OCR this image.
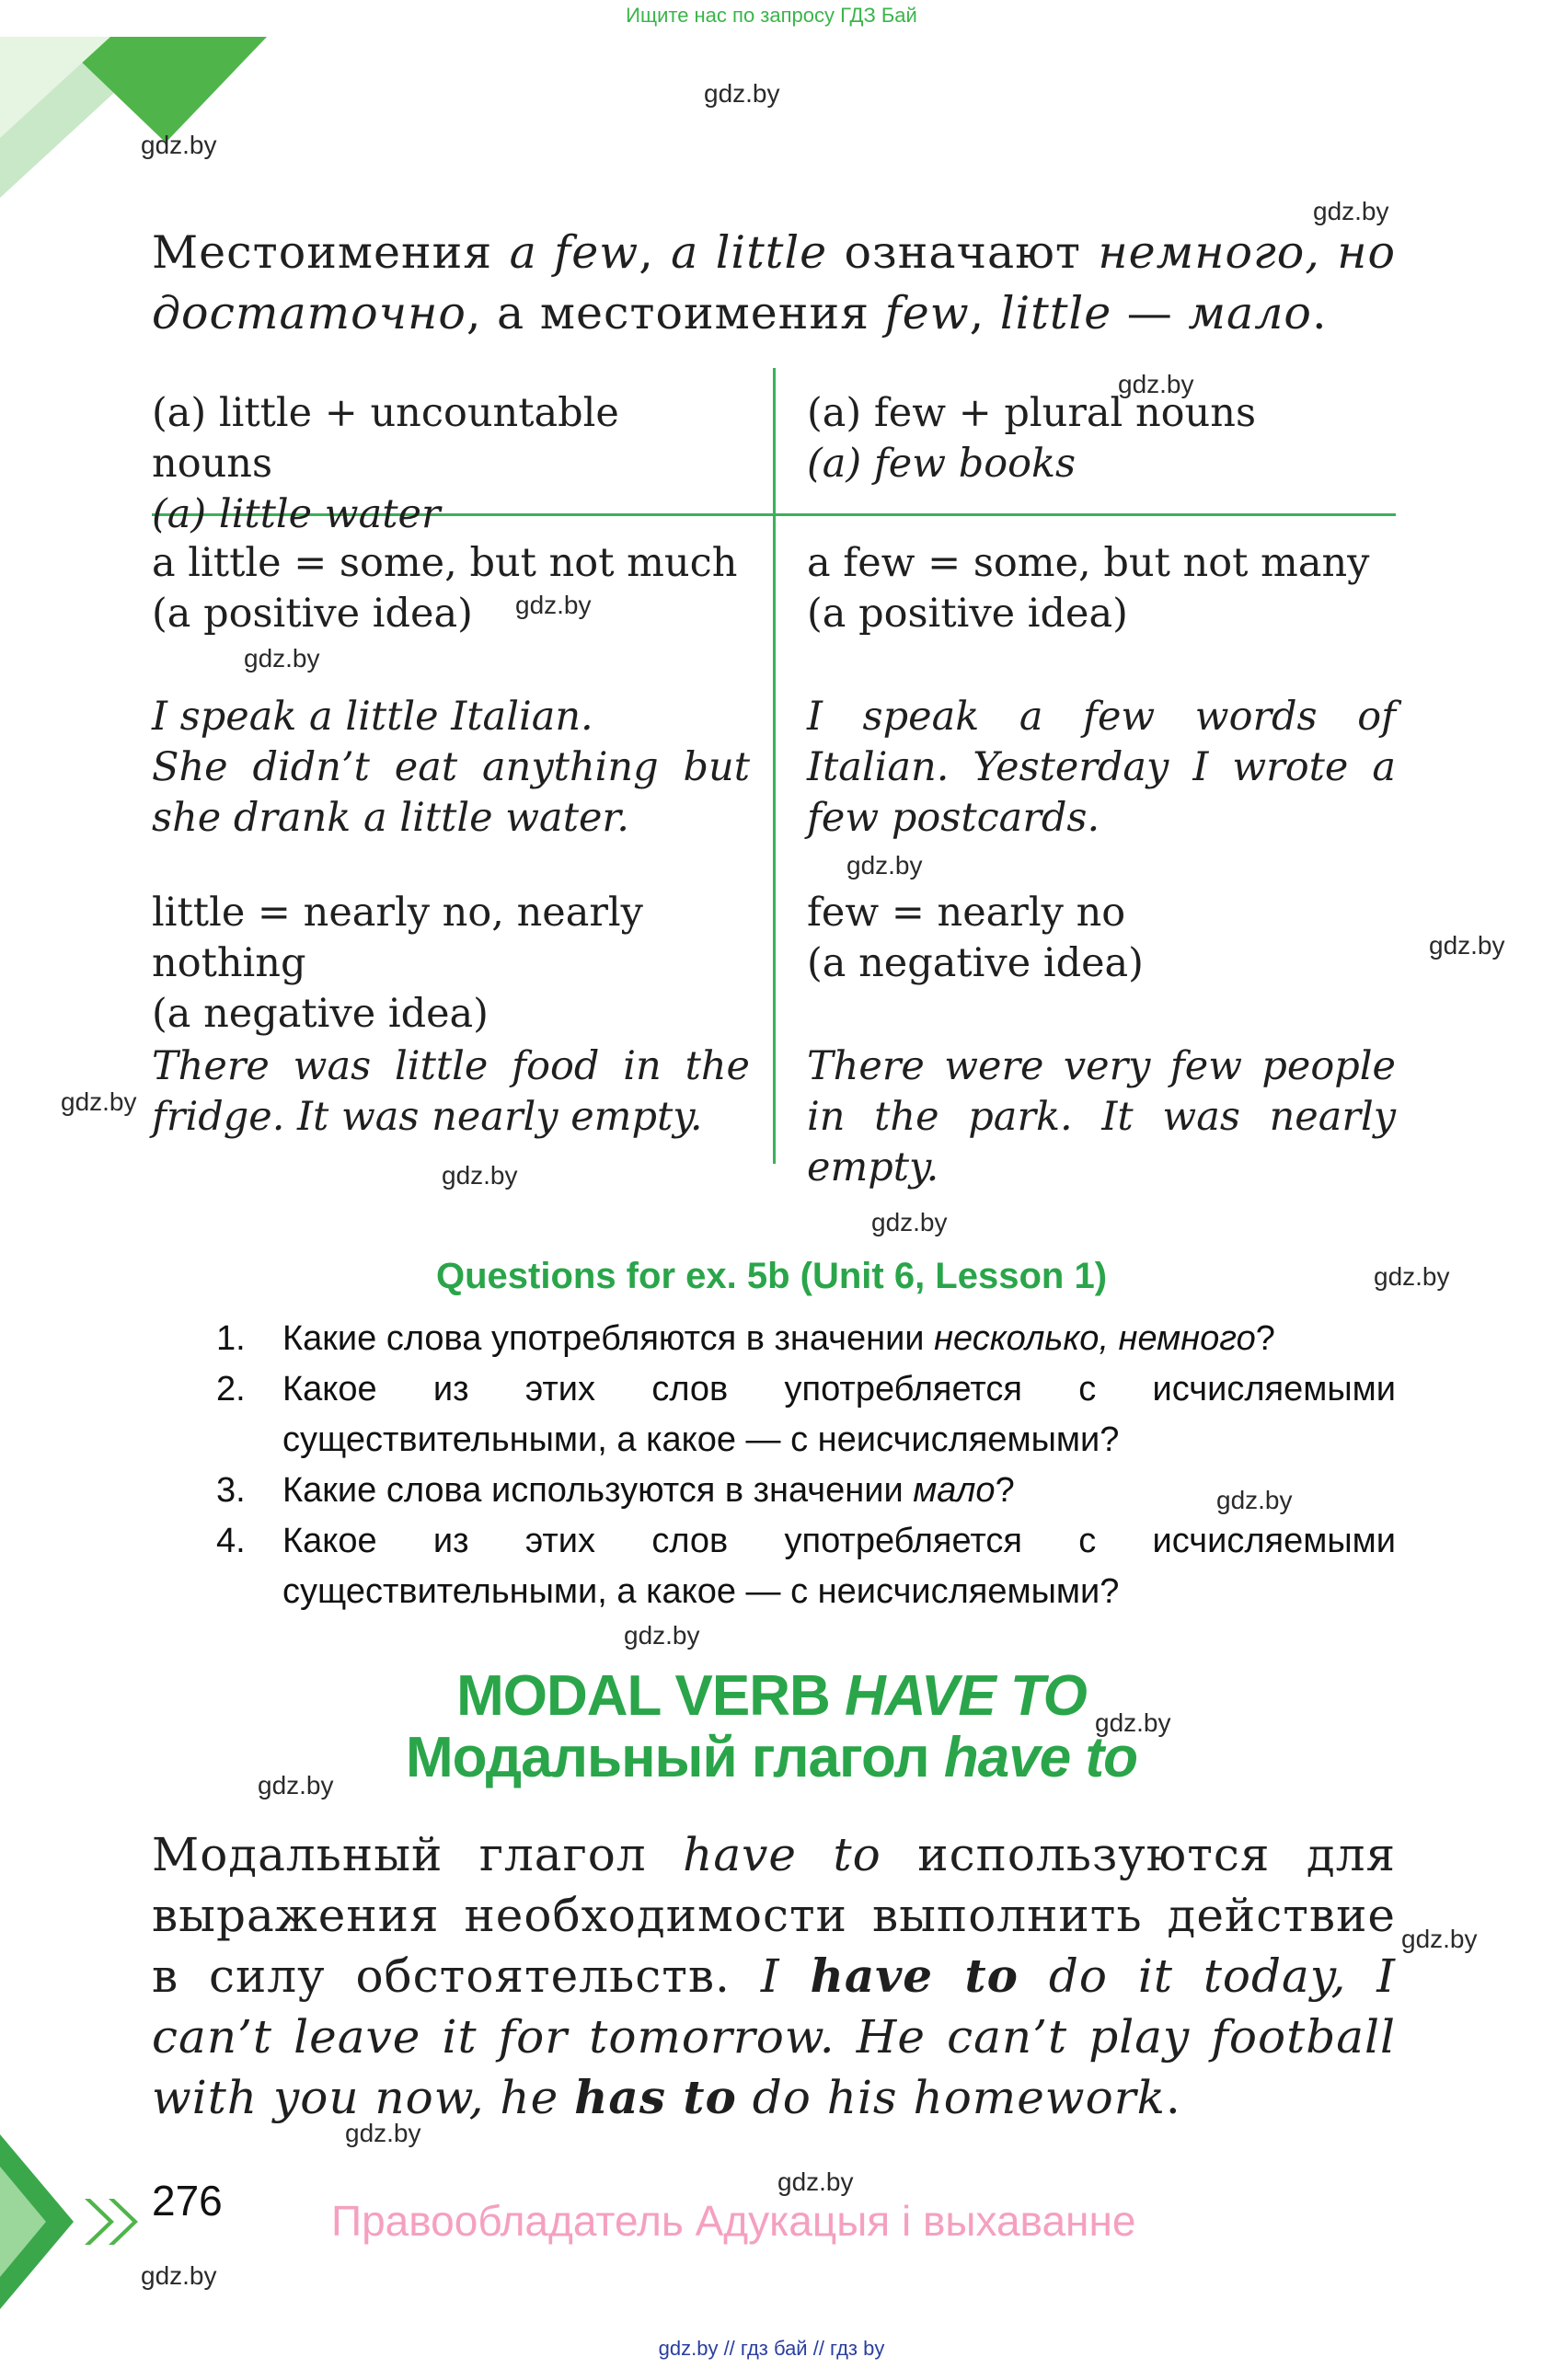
Ищите нас по запросу ГДЗ Бай
gdz.by
gdz.by
gdz.by
gdz.by
gdz.by
gdz.by
gdz.by
gdz.by
gdz.by
gdz.by
gdz.by
gdz.by
gdz.by
gdz.by
gdz.by
gdz.by
gdz.by
gdz.by
gdz.by
gdz.by
Местоимения a few, a little означают немного, но достаточно, а местоимения few, little — мало.
(a) little + uncountable nouns
(a) little water
a little = some, but not much
(a positive idea)
I speak a little Italian.
She didn’t eat anything but she drank a little water.
little = nearly no, nearly nothing
(a negative idea)
There was little food in the fridge. It was nearly empty.
(a) few + plural nouns
(a) few books
a few = some, but not many
(a positive idea)
I speak a few words of Italian. Yesterday I wrote a few postcards.
few = nearly no
(a negative idea)
There were very few people in the park. It was nearly empty.
Questions for ex. 5b (Unit 6, Lesson 1)
1. Какие слова употребляются в значении несколько, немного?
2. Какое из этих слов употребляется с исчисляемыми существительными, а какое — с неисчисляемыми?
3. Какие слова используются в значении мало?
4. Какое из этих слов употребляется с исчисляемыми существительными, а какое — с неисчисляемыми?
MODAL VERB HAVE TO
Модальный глагол have to
Модальный глагол have to используются для выражения необходимости выполнить действие в силу обстоятельств. I have to do it today, I can’t leave it for tomorrow. He can’t play football with you now, he has to do his homework.
276	Правообладатель Адукацыя і выхаванне
gdz.by // гдз бай // гдз by
